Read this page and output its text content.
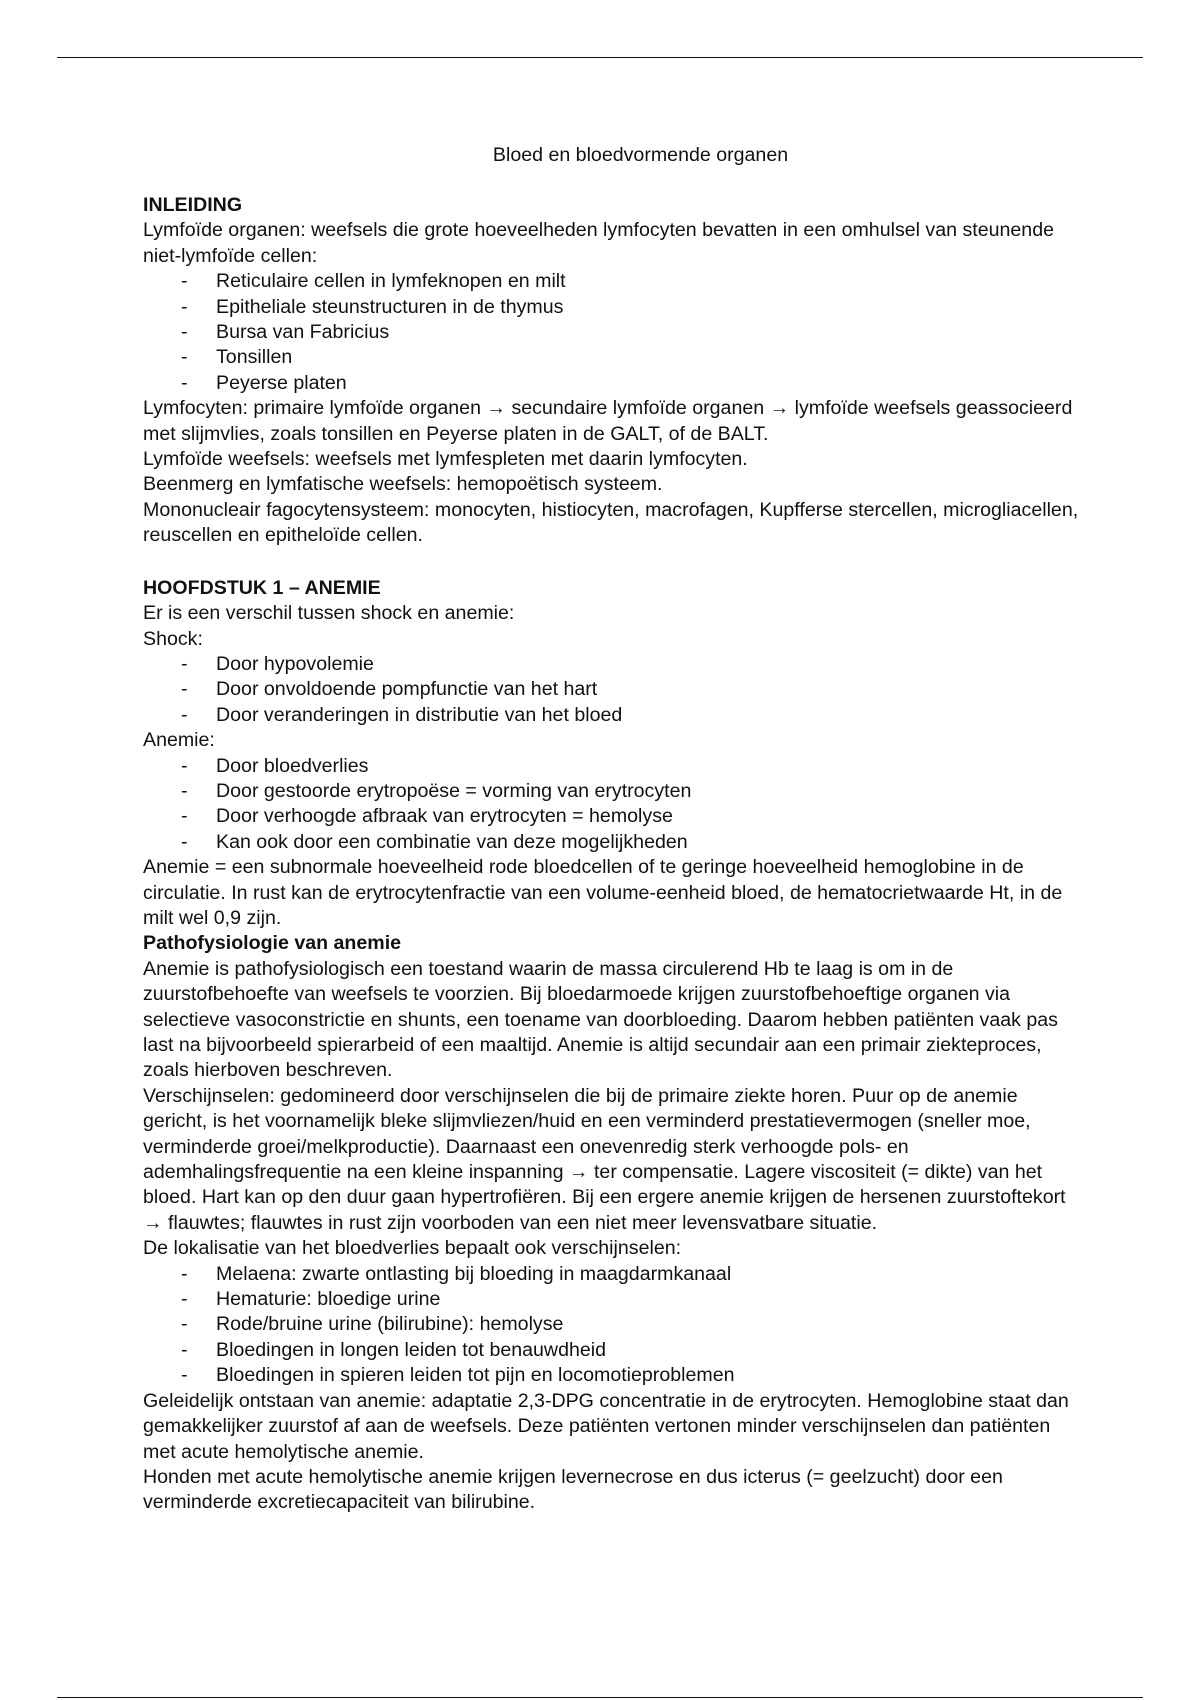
Bloed en bloedvormende organen
INLEIDING

Lymfoïde organen: weefsels die grote hoeveelheden lymfocyten bevatten in een omhulsel van steunende niet-lymfoïde cellen:

- Reticulaire cellen in lymfeknopen en milt
- Epitheliale steunstructuren in de thymus
- Bursa van Fabricius
- Tonsillen
- Peyerse platen

Lymfocyten: primaire lymfoïde organen → secundaire lymfoïde organen → lymfoïde weefsels geassocieerd met slijmvlies, zoals tonsillen en Peyerse platen in de GALT, of de BALT.

Lymfoïde weefsels: weefsels met lymfespleten met daarin lymfocyten.

Beenmerg en lymfatische weefsels: hemopoëtisch systeem.

Mononucleair fagocytensysteem: monocyten, histiocyten, macrofagen, Kupfferse stercellen, microgliacellen, reuscellen en epitheloïde cellen.

HOOFDSTUK 1 – ANEMIE

Er is een verschil tussen shock en anemie:

Shock:

- Door hypovolemie
- Door onvoldoende pompfunctie van het hart
- Door veranderingen in distributie van het bloed

Anemie:

- Door bloedverlies
- Door gestoorde erytropoëse = vorming van erytrocyten
- Door verhoogde afbraak van erytrocyten = hemolyse
- Kan ook door een combinatie van deze mogelijkheden

Anemie = een subnormale hoeveelheid rode bloedcellen of te geringe hoeveelheid hemoglobine in de circulatie. In rust kan de erytrocytenfractie van een volume-eenheid bloed, de hematocrietwaarde Ht, in de milt wel 0,9 zijn.

Pathofysiologie van anemie

Anemie is pathofysiologisch een toestand waarin de massa circulerend Hb te laag is om in de zuurstofbehoefte van weefsels te voorzien. Bij bloedarmoede krijgen zuurstofbehoeftige organen via selectieve vasoconstrictie en shunts, een toename van doorbloeding. Daarom hebben patiënten vaak pas last na bijvoorbeeld spierarbeid of een maaltijd. Anemie is altijd secundair aan een primair ziekteproces, zoals hierboven beschreven.

Verschijnselen: gedomineerd door verschijnselen die bij de primaire ziekte horen. Puur op de anemie gericht, is het voornamelijk bleke slijmvliezen/huid en een verminderd prestatievermogen (sneller moe, verminderde groei/melkproductie). Daarnaast een onevenredig sterk verhoogde pols- en ademhalingsfrequentie na een kleine inspanning → ter compensatie. Lagere viscositeit (= dikte) van het bloed. Hart kan op den duur gaan hypertrofiëren. Bij een ergere anemie krijgen de hersenen zuurstoftekort → flauwtes; flauwtes in rust zijn voorboden van een niet meer levensvatbare situatie.

De lokalisatie van het bloedverlies bepaalt ook verschijnselen:

- Melaena: zwarte ontlasting bij bloeding in maagdarmkanaal
- Hematurie: bloedige urine
- Rode/bruine urine (bilirubine): hemolyse
- Bloedingen in longen leiden tot benauwdheid
- Bloedingen in spieren leiden tot pijn en locomotieproblemen

Geleidelijk ontstaan van anemie: adaptatie 2,3-DPG concentratie in de erytrocyten. Hemoglobine staat dan gemakkelijker zuurstof af aan de weefsels. Deze patiënten vertonen minder verschijnselen dan patiënten met acute hemolytische anemie.

Honden met acute hemolytische anemie krijgen levernecrose en dus icterus (= geelzucht) door een verminderde excretiecapaciteit van bilirubine.
